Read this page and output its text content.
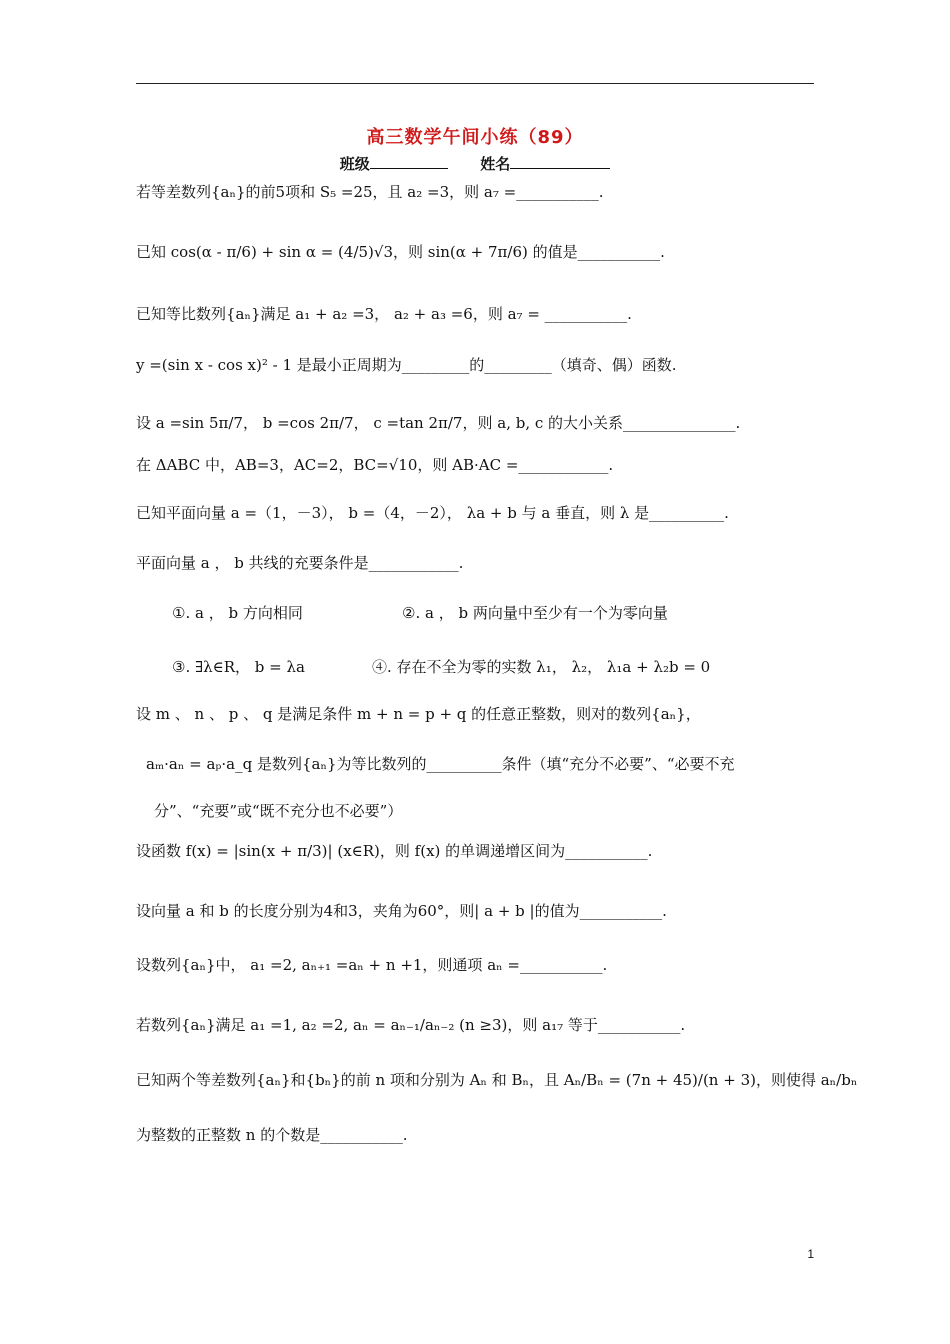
高三数学午间小练（89）
班级	姓名
若等差数列{aₙ}的前5项和 S₅ =25，且 a₂ =3，则 a₇ =___________.
已知 cos(α - π/6) + sin α = (4/5)√3，则 sin(α + 7π/6) 的值是___________.
已知等比数列{aₙ}满足 a₁ + a₂ =3， a₂ + a₃ =6，则 a₇ = ___________.
y =(sin x - cos x)² - 1 是最小正周期为_________的_________（填奇、偶）函数.
设 a =sin 5π/7， b =cos 2π/7， c =tan 2π/7，则 a, b, c 的大小关系_______________.
在 ΔABC 中，AB=3，AC=2，BC=√10，则 AB·AC =____________.
已知平面向量 a =（1，－3）， b =（4，－2）， λa + b 与 a 垂直，则 λ 是__________.
平面向量 a ， b 共线的充要条件是____________.
①. a ， b 方向相同	②. a ， b 两向量中至少有一个为零向量
③. ∃λ∈R， b = λa	④. 存在不全为零的实数 λ₁， λ₂， λ₁a + λ₂b = 0
设 m 、 n 、 p 、 q 是满足条件 m + n = p + q 的任意正整数，则对的数列{aₙ}，
aₘ·aₙ = aₚ·a_q 是数列{aₙ}为等比数列的__________条件（填“充分不必要”、“必要不充
分”、“充要”或“既不充分也不必要”）
设函数 f(x) = |sin(x + π/3)| (x∈R)，则 f(x) 的单调递增区间为___________.
设向量 a 和 b 的长度分别为4和3，夹角为60°，则| a + b |的值为___________.
设数列{aₙ}中， a₁ =2, aₙ₊₁ =aₙ + n +1，则通项 aₙ =___________.
若数列{aₙ}满足 a₁ =1, a₂ =2, aₙ = aₙ₋₁/aₙ₋₂ (n ≥3)，则 a₁₇ 等于___________.
已知两个等差数列{aₙ}和{bₙ}的前 n 项和分别为 Aₙ 和 Bₙ，且 Aₙ/Bₙ = (7n + 45)/(n + 3)，则使得 aₙ/bₙ
为整数的正整数 n 的个数是___________.
1
